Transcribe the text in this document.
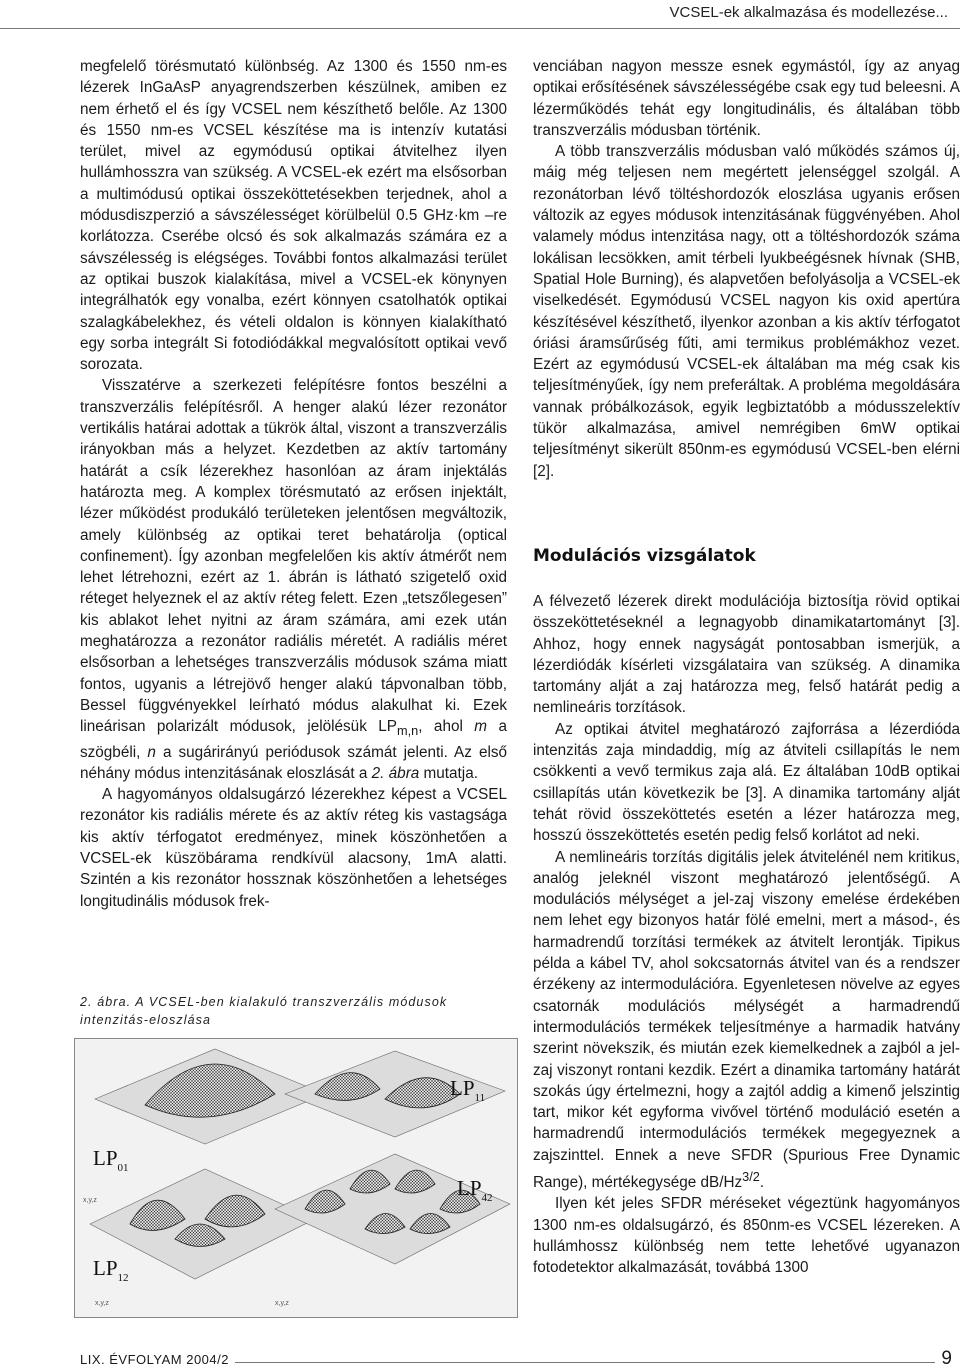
VCSEL-ek alkalmazása és modellezése...

megfelelő törésmutató különbség. Az 1300 és 1550 nm-es lézerek InGaAsP anyagrendszerben készülnek, amiben ez nem érhető el és így VCSEL nem készíthető belőle. Az 1300 és 1550 nm-es VCSEL készítése ma is intenzív kutatási terület, mivel az egymódusú optikai átvitelhez ilyen hullámhosszra van szükség. A VCSEL-ek ezért ma elsősorban a multimódusú optikai összeköttetésekben terjednek, ahol a módusdiszperzió a sávszélességet körülbelül 0.5 GHz·km –re korlátozza. Cserébe olcsó és sok alkalmazás számára ez a sávszélesség is elégséges. További fontos alkalmazási terület az optikai buszok kialakítása, mivel a VCSEL-ek könynyen integrálhatók egy vonalba, ezért könnyen csatolhatók optikai szalagkábelekhez, és vételi oldalon is könnyen kialakítható egy sorba integrált Si fotodiódákkal megvalósított optikai vevő sorozata.

Visszatérve a szerkezeti felépítésre fontos beszélni a transzverzális felépítésről. A henger alakú lézer rezonátor vertikális határai adottak a tükrök által, viszont a transzverzális irányokban más a helyzet. Kezdetben az aktív tartomány határát a csík lézerekhez hasonlóan az áram injektálás határozta meg. A komplex törésmutató az erősen injektált, lézer működést produkáló területeken jelentősen megváltozik, amely különbség az optikai teret behatárolja (optical confinement). Így azonban megfelelően kis aktív átmérőt nem lehet létrehozni, ezért az 1. ábrán is látható szigetelő oxid réteget helyeznek el az aktív réteg felett. Ezen „tetszőlegesen” kis ablakot lehet nyitni az áram számára, ami ezek után meghatározza a rezonátor radiális méretét. A radiális méret elsősorban a lehetséges transzverzális módusok száma miatt fontos, ugyanis a létrejövő henger alakú tápvonalban több, Bessel függvényekkel leírható módus alakulhat ki. Ezek lineárisan polarizált módusok, jelölésük $LP_{m,n}$, ahol m a szögbéli, n a sugárirányú periódusok számát jelenti. Az első néhány módus intenzitásának eloszlását a 2. ábra mutatja.

A hagyományos oldalsugárzó lézerekhez képest a VCSEL rezonátor kis radiális mérete és az aktív réteg kis vastagsága kis aktív térfogatot eredményez, minek köszönhetően a VCSEL-ek küszöbárama rendkívül alacsony, 1mA alatti. Szintén a kis rezonátor hossznak köszönhetően a lehetséges longitudinális módusok frek-

2. ábra. A VCSEL-ben kialakuló transzverzális módusok intenzitás-eloszlása
$LP_{01}$
$LP_{11}$
$LP_{12}$
$LP_{42}$
x,y,z
x,y,z	x,y,z

venciában nagyon messze esnek egymástól, így az anyag optikai erősítésének sávszélességébe csak egy tud beleesni. A lézerműködés tehát egy longitudinális, és általában több transzverzális módusban történik.

A több transzverzális módusban való működés számos új, máig még teljesen nem megértett jelenséggel szolgál. A rezonátorban lévő töltéshordozók eloszlása ugyanis erősen változik az egyes módusok intenzitásának függvényében. Ahol valamely módus intenzitása nagy, ott a töltéshordozók száma lokálisan lecsökken, amit térbeli lyukbeégésnek hívnak (SHB, Spatial Hole Burning), és alapvetően befolyásolja a VCSEL-ek viselkedését. Egymódusú VCSEL nagyon kis oxid apertúra készítésével készíthető, ilyenkor azonban a kis aktív térfogatot óriási áramsűrűség fűti, ami termikus problémákhoz vezet. Ezért az egymódusú VCSEL-ek általában ma még csak kis teljesítményűek, így nem preferáltak. A probléma megoldására vannak próbálkozások, egyik legbiztatóbb a módusszelektív tükör alkalmazása, amivel nemrégiben 6mW optikai teljesítményt sikerült 850nm-es egymódusú VCSEL-ben elérni [2].

Modulációs vizsgálatok

A félvezető lézerek direkt modulációja biztosítja rövid optikai összeköttetéseknél a legnagyobb dinamikatartományt [3]. Ahhoz, hogy ennek nagyságát pontosabban ismerjük, a lézerdiódák kísérleti vizsgálataira van szükség. A dinamika tartomány alját a zaj határozza meg, felső határát pedig a nemlineáris torzítások.

Az optikai átvitel meghatározó zajforrása a lézerdióda intenzitás zaja mindaddig, míg az átviteli csillapítás le nem csökkenti a vevő termikus zaja alá. Ez általában 10dB optikai csillapítás után következik be [3]. A dinamika tartomány alját tehát rövid összeköttetés esetén a lézer határozza meg, hosszú összeköttetés esetén pedig felső korlátot ad neki.

A nemlineáris torzítás digitális jelek átvitelénél nem kritikus, analóg jeleknél viszont meghatározó jelentőségű. A modulációs mélységet a jel-zaj viszony emelése érdekében nem lehet egy bizonyos határ fölé emelni, mert a másod-, és harmadrendű torzítási termékek az átvitelt lerontják. Tipikus példa a kábel TV, ahol sokcsatornás átvitel van és a rendszer érzékeny az intermodulációra. Egyenletesen növelve az egyes csatornák modulációs mélységét a harmadrendű intermodulációs termékek teljesítménye a harmadik hatvány szerint növekszik, és miután ezek kiemelkednek a zajból a jel-zaj viszonyt rontani kezdik. Ezért a dinamika tartomány határát szokás úgy értelmezni, hogy a zajtól addig a kimenő jelszintig tart, mikor két egyforma vivővel történő moduláció esetén a harmadrendű intermodulációs termékek megegyeznek a zajszinttel. Ennek a neve SFDR (Spurious Free Dynamic Range), mértékegysége $dB/Hz^{3/2}$.

Ilyen két jeles SFDR méréseket végeztünk hagyományos 1300 nm-es oldalsugárzó, és 850nm-es VCSEL lézereken. A hullámhossz különbség nem tette lehetővé ugyanazon fotodetektor alkalmazását, továbbá 1300

LIX. ÉVFOLYAM 2004/2	9
